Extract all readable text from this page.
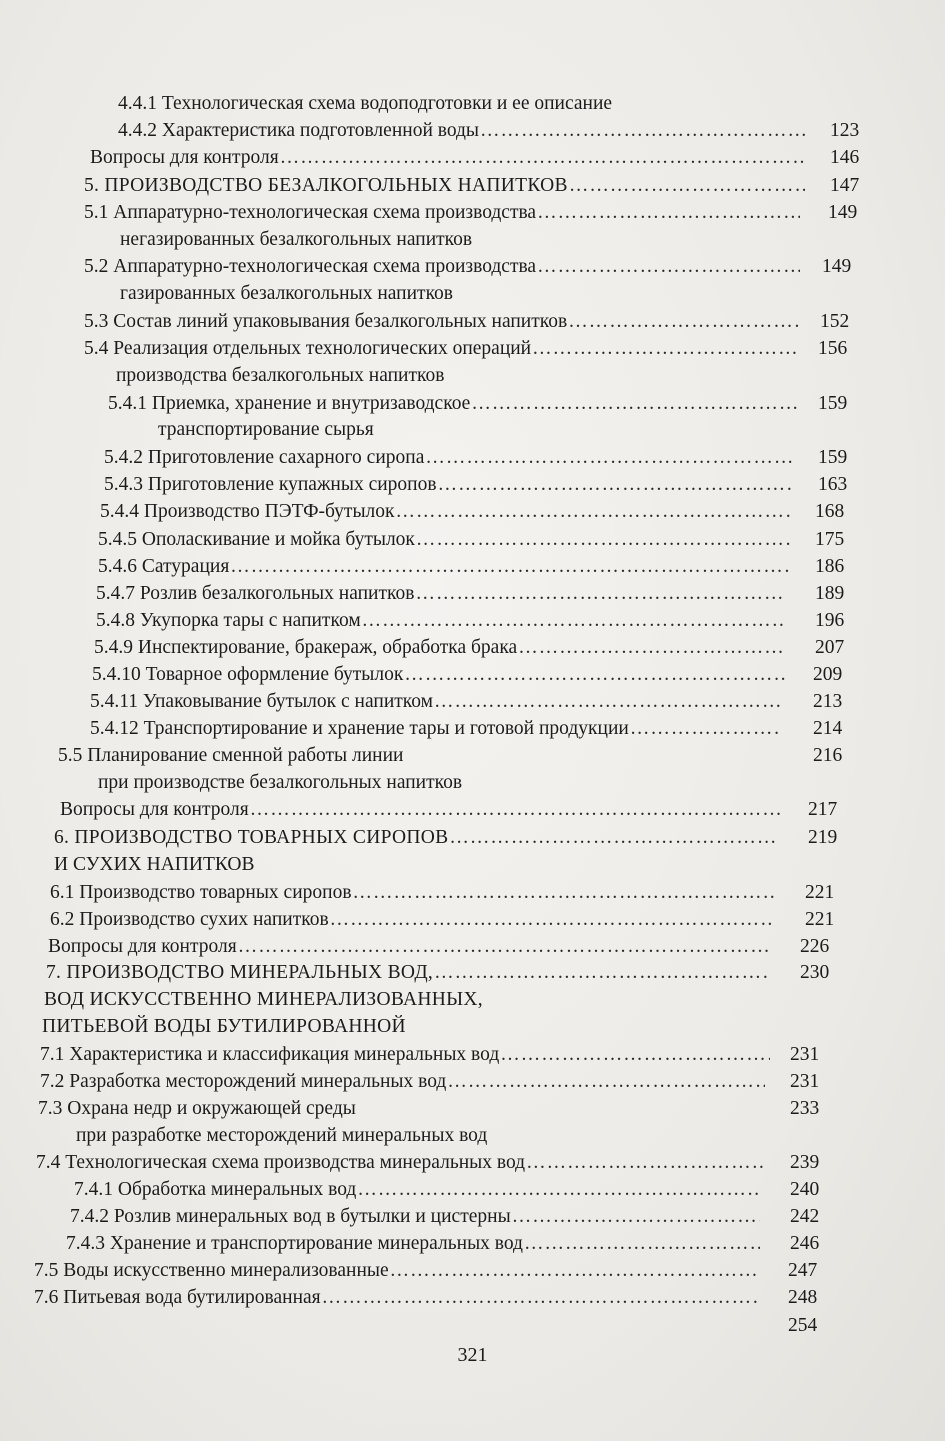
4.4.1 Технологическая схема водоподготовки и ее описание
4.4.2 Характеристика подготовленной воды …………………………………………………………………………………………………………………………………………………………………………………………	123
Вопросы для контроля …………………………………………………………………………………………………………………………………………………………………………………………	146
5. ПРОИЗВОДСТВО БЕЗАЛКОГОЛЬНЫХ НАПИТКОВ …………………………………………………………………………………………………………………………………………………………………………………………	147
5.1 Аппаратурно-технологическая схема производства …………………………………………………………………………………………………………………………………………………………………………………………	149
негазированных безалкогольных напитков
5.2 Аппаратурно-технологическая схема производства …………………………………………………………………………………………………………………………………………………………………………………………	149
газированных безалкогольных напитков
5.3 Состав линий упаковывания безалкогольных напитков …………………………………………………………………………………………………………………………………………………………………………………………	152
5.4 Реализация отдельных технологических операций …………………………………………………………………………………………………………………………………………………………………………………………	156
производства безалкогольных напитков
5.4.1 Приемка, хранение и внутризаводское …………………………………………………………………………………………………………………………………………………………………………………………	159
транспортирование сырья
5.4.2 Приготовление сахарного сиропа …………………………………………………………………………………………………………………………………………………………………………………………	159
5.4.3 Приготовление купажных сиропов …………………………………………………………………………………………………………………………………………………………………………………………	163
5.4.4 Производство ПЭТФ-бутылок …………………………………………………………………………………………………………………………………………………………………………………………	168
5.4.5 Ополаскивание и мойка бутылок …………………………………………………………………………………………………………………………………………………………………………………………	175
5.4.6 Сатурация …………………………………………………………………………………………………………………………………………………………………………………………	186
5.4.7 Розлив безалкогольных напитков …………………………………………………………………………………………………………………………………………………………………………………………	189
5.4.8 Укупорка тары с напитком …………………………………………………………………………………………………………………………………………………………………………………………	196
5.4.9 Инспектирование, бракераж, обработка брака …………………………………………………………………………………………………………………………………………………………………………………………	207
5.4.10 Товарное оформление бутылок …………………………………………………………………………………………………………………………………………………………………………………………	209
5.4.11 Упаковывание бутылок с напитком …………………………………………………………………………………………………………………………………………………………………………………………	213
5.4.12 Транспортирование и хранение тары и готовой продукции …………………………………………………………………………………………………………………………………………………………………………………………	214
5.5 Планирование сменной работы линии	216
при производстве безалкогольных напитков
Вопросы для контроля …………………………………………………………………………………………………………………………………………………………………………………………	217
6. ПРОИЗВОДСТВО ТОВАРНЫХ СИРОПОВ …………………………………………………………………………………………………………………………………………………………………………………………	219
И СУХИХ НАПИТКОВ
6.1 Производство товарных сиропов …………………………………………………………………………………………………………………………………………………………………………………………	221
6.2 Производство сухих напитков …………………………………………………………………………………………………………………………………………………………………………………………	221
Вопросы для контроля …………………………………………………………………………………………………………………………………………………………………………………………	226
7. ПРОИЗВОДСТВО МИНЕРАЛЬНЫХ ВОД, …………………………………………………………………………………………………………………………………………………………………………………………	230
ВОД ИСКУССТВЕННО МИНЕРАЛИЗОВАННЫХ,
ПИТЬЕВОЙ ВОДЫ БУТИЛИРОВАННОЙ
7.1 Характеристика и классификация минеральных вод …………………………………………………………………………………………………………………………………………………………………………………………	231
7.2 Разработка месторождений минеральных вод …………………………………………………………………………………………………………………………………………………………………………………………	231
7.3 Охрана недр и окружающей среды	233
при разработке месторождений минеральных вод
7.4 Технологическая схема производства минеральных вод …………………………………………………………………………………………………………………………………………………………………………………………	239
7.4.1 Обработка минеральных вод …………………………………………………………………………………………………………………………………………………………………………………………	240
7.4.2 Розлив минеральных вод в бутылки и цистерны …………………………………………………………………………………………………………………………………………………………………………………………	242
7.4.3 Хранение и транспортирование минеральных вод …………………………………………………………………………………………………………………………………………………………………………………………	246
7.5 Воды искусственно минерализованные …………………………………………………………………………………………………………………………………………………………………………………………	247
7.6 Питьевая вода бутилированная …………………………………………………………………………………………………………………………………………………………………………………………	248
254
321
